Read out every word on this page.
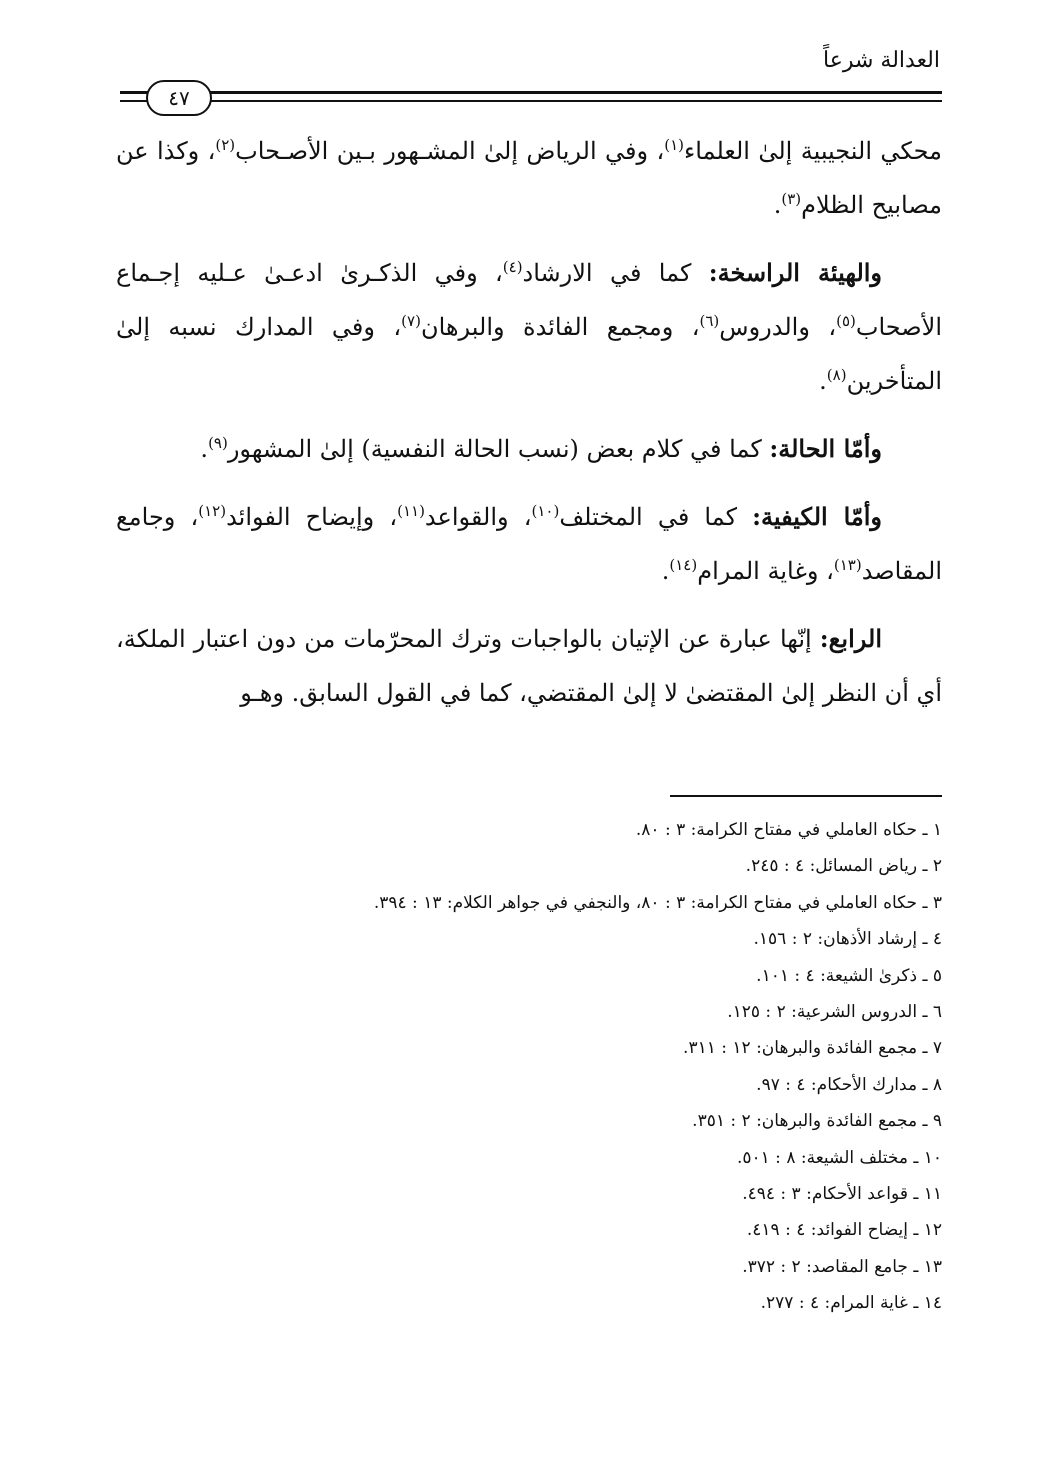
العدالة شرعاً
٤٧

محكي النجيبية إلىٰ العلماء$^{(١)}$، وفي الرياض إلىٰ المشـهور بـين الأصـحاب$^{(٢)}$، وكذا عن مصابيح الظلام$^{(٣)}$.

والهيئة الراسخة: كما في الارشاد$^{(٤)}$، وفي الذكـرىٰ ادعـىٰ عـليه إجـماع الأصحاب$^{(٥)}$، والدروس$^{(٦)}$، ومجمع الفائدة والبرهان$^{(٧)}$، وفي المدارك نسبه إلىٰ المتأخرين$^{(٨)}$.

وأمّا الحالة: كما في كلام بعض (نسب الحالة النفسية) إلىٰ المشهور$^{(٩)}$.

وأمّا الكيفية: كما في المختلف$^{(١٠)}$، والقواعد$^{(١١)}$، وإيضاح الفوائد$^{(١٢)}$، وجامع المقاصد$^{(١٣)}$، وغاية المرام$^{(١٤)}$.

الرابع: إنّها عبارة عن الإتيان بالواجبات وترك المحرّمات من دون اعتبار الملكة، أي أن النظر إلىٰ المقتضىٰ لا إلىٰ المقتضي، كما في القول السابق. وهـو

١ ـ حكاه العاملي في مفتاح الكرامة: ٣ : ٨٠.

٢ ـ رياض المسائل: ٤ : ٢٤٥.

٣ ـ حكاه العاملي في مفتاح الكرامة: ٣ : ٨٠، والنجفي في جواهر الكلام: ١٣ : ٣٩٤.

٤ ـ إرشاد الأذهان: ٢ : ١٥٦.

٥ ـ ذكرىٰ الشيعة: ٤ : ١٠١.

٦ ـ الدروس الشرعية: ٢ : ١٢٥.

٧ ـ مجمع الفائدة والبرهان: ١٢ : ٣١١.

٨ ـ مدارك الأحكام: ٤ : ٩٧.

٩ ـ مجمع الفائدة والبرهان: ٢ : ٣٥١.

١٠ ـ مختلف الشيعة: ٨ : ٥٠١.

١١ ـ قواعد الأحكام: ٣ : ٤٩٤.

١٢ ـ إيضاح الفوائد: ٤ : ٤١٩.

١٣ ـ جامع المقاصد: ٢ : ٣٧٢.

١٤ ـ غاية المرام: ٤ : ٢٧٧.
